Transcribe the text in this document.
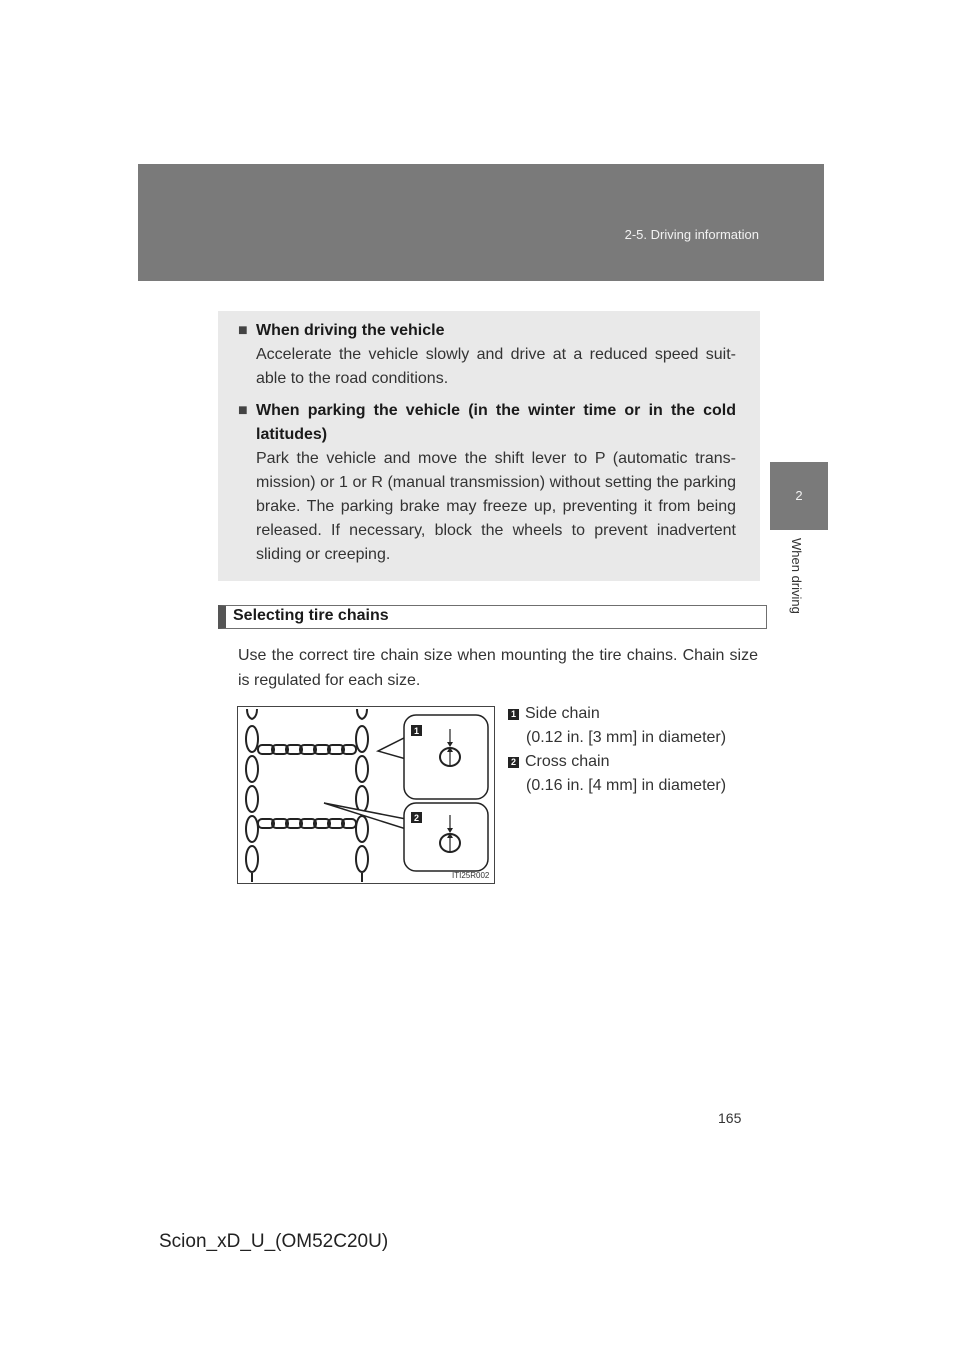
2-5. Driving information
2
When driving
■ When driving the vehicle
Accelerate the vehicle slowly and drive at a reduced speed suit-able to the road conditions.
■ When parking the vehicle (in the winter time or in the cold latitudes)
Park the vehicle and move the shift lever to P (automatic trans-mission) or 1 or R (manual transmission) without setting the parking brake. The parking brake may freeze up, preventing it from being released. If necessary, block the wheels to prevent inadvertent sliding or creeping.
Selecting tire chains
Use the correct tire chain size when mounting the tire chains. Chain size is regulated for each size.
1
2
ITI25R002
1 Side chain
(0.12 in. [3 mm] in diameter)
2 Cross chain
(0.16 in. [4 mm] in diameter)
165
Scion_xD_U_(OM52C20U)
